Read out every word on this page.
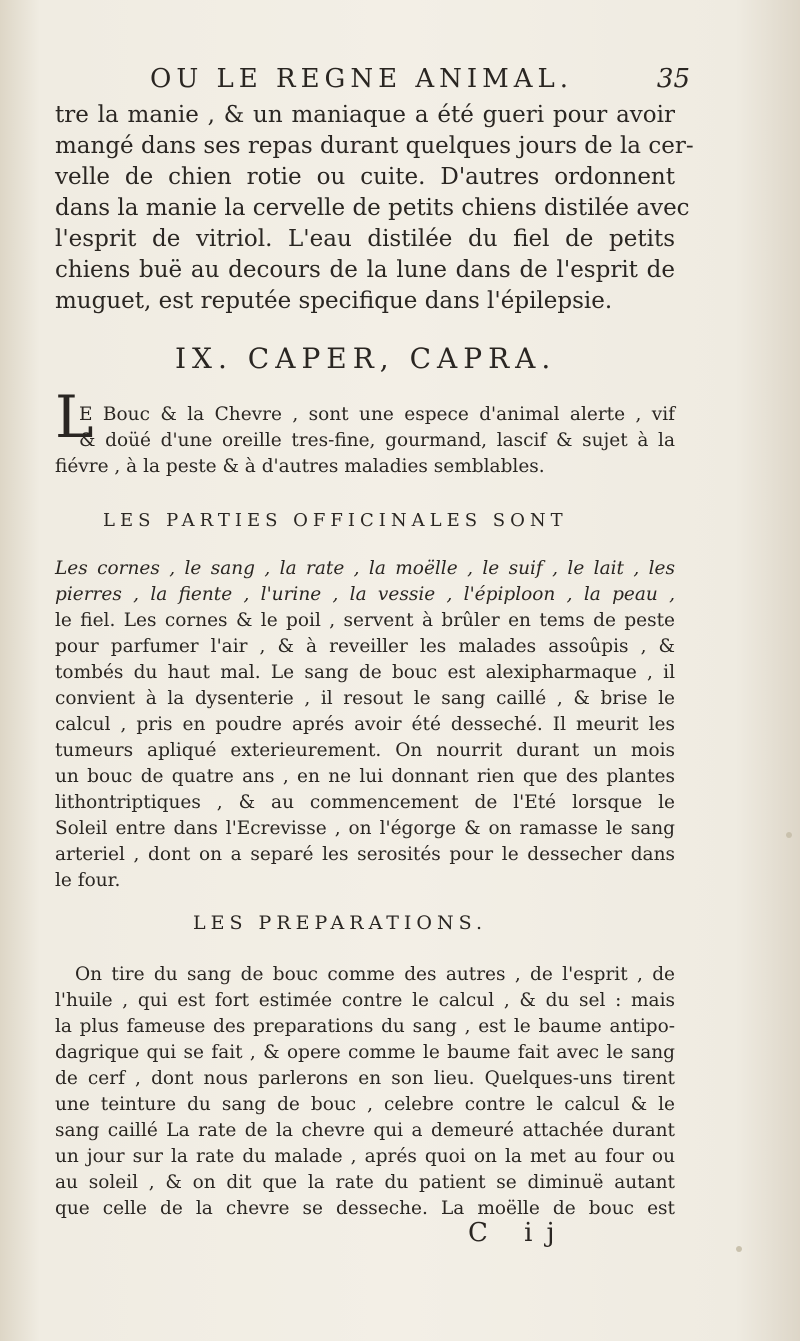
OU LE REGNE ANIMAL.	35
tre la manie , & un maniaque a été gueri pour avoir
mangé dans ses repas durant quelques jours de la cer-
velle de chien rotie ou cuite. D'autres ordonnent
dans la manie la cervelle de petits chiens distilée avec
l'esprit de vitriol. L'eau distilée du fiel de petits
chiens buë au decours de la lune dans de l'esprit de
muguet, est reputée specifique dans l'épilepsie.
IX. CAPER, CAPRA.
L
E Bouc & la Chevre , sont une espece d'animal alerte , vif
& doüé d'une oreille tres-fine, gourmand, lascif & sujet à la
fiévre , à la peste & à d'autres maladies semblables.
LES PARTIES OFFICINALES SONT
Les cornes , le sang , la rate , la moëlle , le suif , le lait , les
pierres , la fiente , l'urine , la vessie , l'épiploon , la peau ,
le fiel. Les cornes & le poil , servent à brûler en tems de peste
pour parfumer l'air , & à reveiller les malades assoûpis , &
tombés du haut mal. Le sang de bouc est alexipharmaque , il
convient à la dysenterie , il resout le sang caillé , & brise le
calcul , pris en poudre aprés avoir été desseché. Il meurit les
tumeurs apliqué exterieurement. On nourrit durant un mois
un bouc de quatre ans , en ne lui donnant rien que des plantes
lithontriptiques , & au commencement de l'Eté lorsque le
Soleil entre dans l'Ecrevisse , on l'égorge & on ramasse le sang
arteriel , dont on a separé les serosités pour le dessecher dans
le four.
LES PREPARATIONS.
On tire du sang de bouc comme des autres , de l'esprit , de
l'huile , qui est fort estimée contre le calcul , & du sel : mais
la plus fameuse des preparations du sang , est le baume antipo-
dagrique qui se fait , & opere comme le baume fait avec le sang
de cerf , dont nous parlerons en son lieu. Quelques-uns tirent
une teinture du sang de bouc , celebre contre le calcul & le
sang caillé La rate de la chevre qui a demeuré attachée durant
un jour sur la rate du malade , aprés quoi on la met au four ou
au soleil , & on dit que la rate du patient se diminuë autant
que celle de la chevre se desseche. La moëlle de bouc est
C ij
